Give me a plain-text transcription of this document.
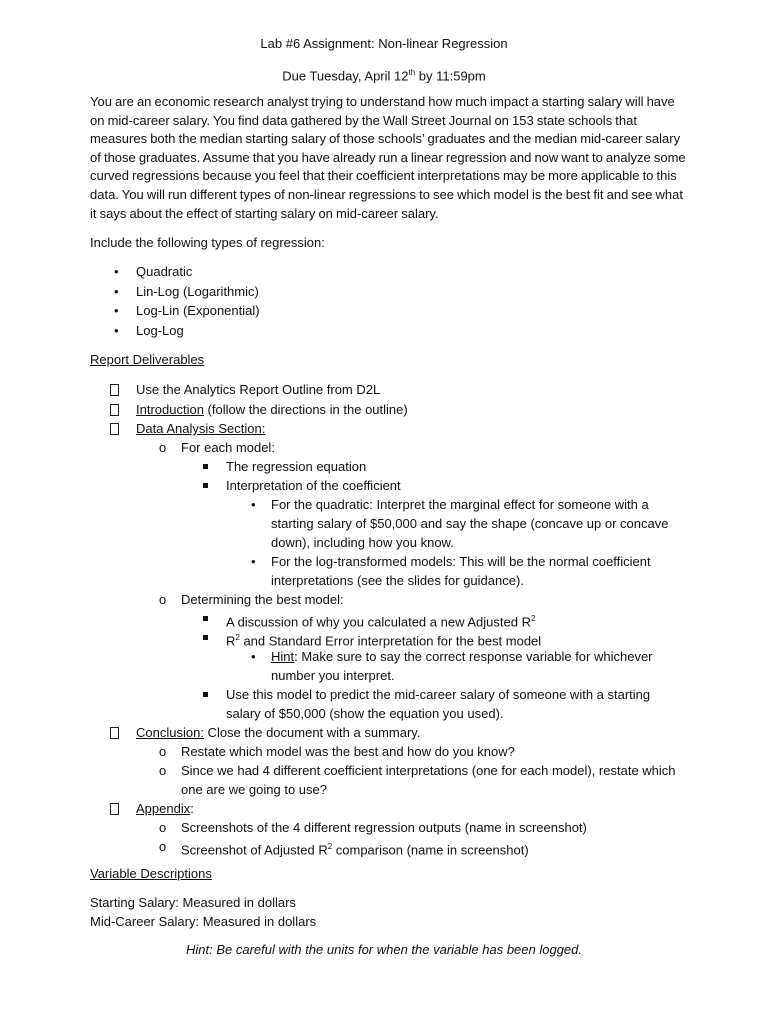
Lab #6 Assignment: Non-linear Regression
Due Tuesday, April 12th by 11:59pm
You are an economic research analyst trying to understand how much impact a starting salary will have on mid-career salary. You find data gathered by the Wall Street Journal on 153 state schools that measures both the median starting salary of those schools’ graduates and the median mid-career salary of those graduates. Assume that you have already run a linear regression and now want to analyze some curved regressions because you feel that their coefficient interpretations may be more applicable to this data. You will run different types of non-linear regressions to see which model is the best fit and see what it says about the effect of starting salary on mid-career salary.
Include the following types of regression:
• Quadratic
• Lin-Log (Logarithmic)
• Log-Lin (Exponential)
• Log-Log
Report Deliverables
Use the Analytics Report Outline from D2L
Introduction (follow the directions in the outline)
Data Analysis Section:
o For each model:
The regression equation
Interpretation of the coefficient
• For the quadratic: Interpret the marginal effect for someone with a
starting salary of $50,000 and say the shape (concave up or concave
down), including how you know.
• For the log-transformed models: This will be the normal coefficient
interpretations (see the slides for guidance).
o Determining the best model:
A discussion of why you calculated a new Adjusted $R^2$
$R^2$ and Standard Error interpretation for the best model
• Hint: Make sure to say the correct response variable for whichever
number you interpret.
Use this model to predict the mid-career salary of someone with a starting
salary of $50,000 (show the equation you used).
Conclusion: Close the document with a summary.
o Restate which model was the best and how do you know?
o Since we had 4 different coefficient interpretations (one for each model), restate which
one are we going to use?
Appendix:
o Screenshots of the 4 different regression outputs (name in screenshot)
o Screenshot of Adjusted $R^2$ comparison (name in screenshot)
Variable Descriptions
Starting Salary: Measured in dollars
Mid-Career Salary: Measured in dollars
Hint: Be careful with the units for when the variable has been logged.
